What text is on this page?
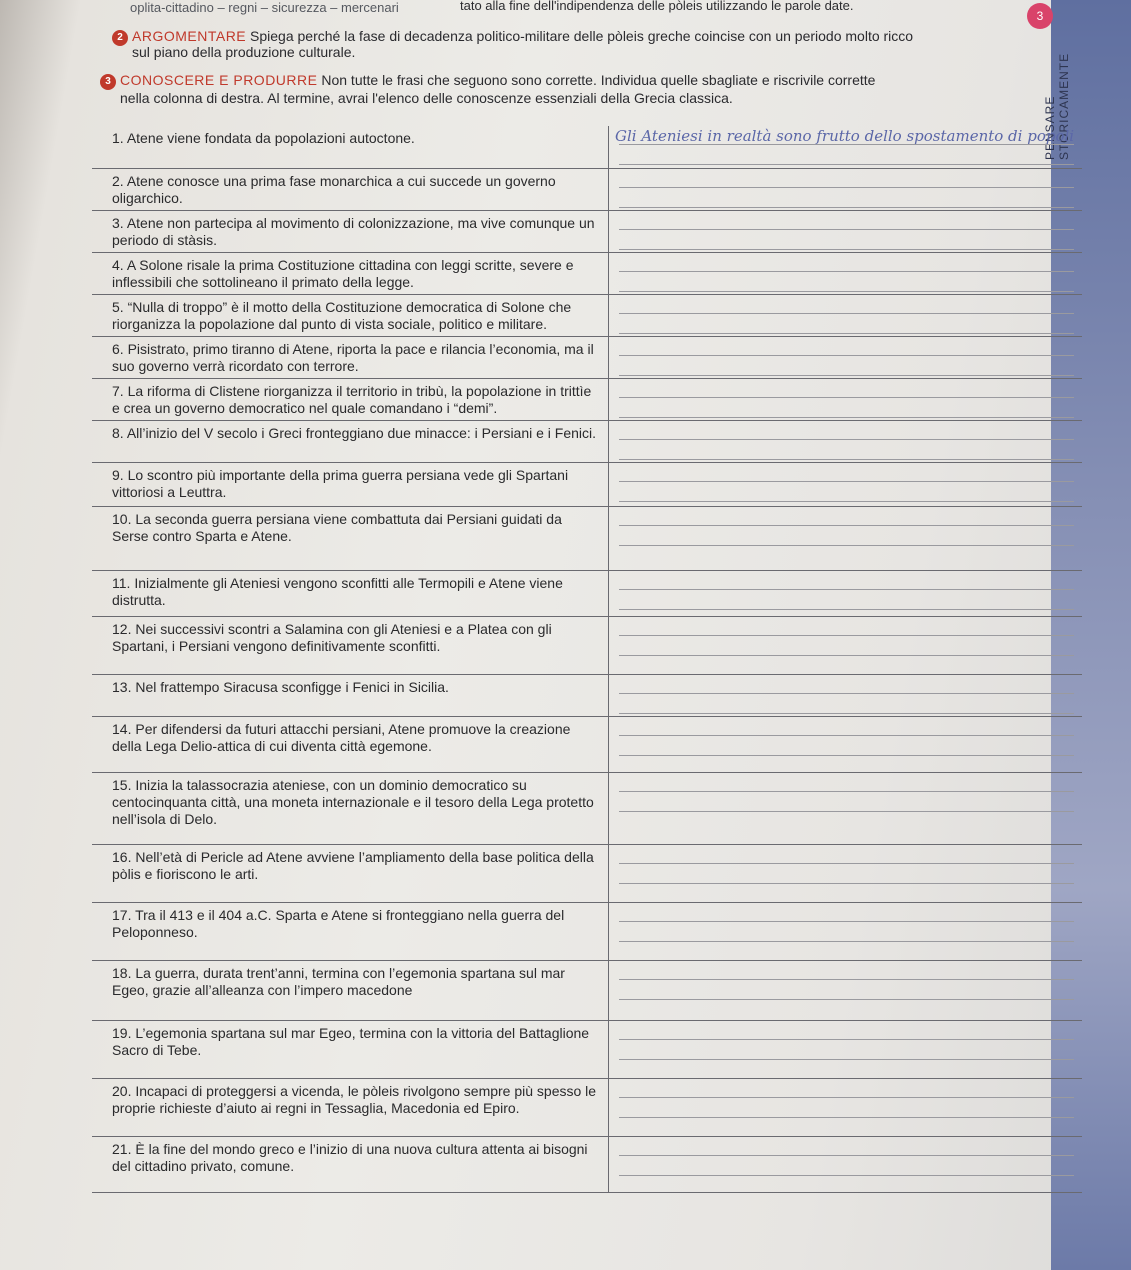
oplita-cittadino – regni – sicurezza – mercenari	tato alla fine dell'indipendenza delle pòleis utilizzando le parole date.
3
PENSARE STORICAMENTE
2 ARGOMENTARE Spiega perché la fase di decadenza politico-militare delle pòleis greche coincise con un periodo molto ricco
sul piano della produzione culturale.
3 CONOSCERE E PRODURRE Non tutte le frasi che seguono sono corrette. Individua quelle sbagliate e riscrivile corrette
nella colonna di destra. Al termine, avrai l'elenco delle conoscenze essenziali della Grecia classica.
1. Atene viene fondata da popolazioni autoctone.	Gli Ateniesi in realtà sono frutto dello spostamento di popoli

2. Atene conosce una prima fase monarchica a cui succede un governo oligarchico.	

3. Atene non partecipa al movimento di colonizzazione, ma vive comunque un periodo di stàsis.	

4. A Solone risale la prima Costituzione cittadina con leggi scritte, severe e inflessibili che sottolineano il primato della legge.	

5. “Nulla di troppo” è il motto della Costituzione democratica di Solone che riorganizza la popolazione dal punto di vista sociale, politico e militare.	

6. Pisistrato, primo tiranno di Atene, riporta la pace e rilancia l’economia, ma il suo governo verrà ricordato con terrore.	

7. La riforma di Clistene riorganizza il territorio in tribù, la popolazione in trittìe e crea un governo democratico nel quale comandano i “demi”.	

8. All’inizio del V secolo i Greci fronteggiano due minacce: i Persiani e i Fenici.	

9. Lo scontro più importante della prima guerra persiana vede gli Spartani vittoriosi a Leuttra.	

10. La seconda guerra persiana viene combattuta dai Persiani guidati da Serse contro Sparta e Atene.	

11. Inizialmente gli Ateniesi vengono sconfitti alle Termopili e Atene viene distrutta.	

12. Nei successivi scontri a Salamina con gli Ateniesi e a Platea con gli Spartani, i Persiani vengono definitivamente sconfitti.	

13. Nel frattempo Siracusa sconfigge i Fenici in Sicilia.	

14. Per difendersi da futuri attacchi persiani, Atene promuove la creazione della Lega Delio-attica di cui diventa città egemone.	

15. Inizia la talassocrazia ateniese, con un dominio democratico su centocinquanta città, una moneta internazionale e il tesoro della Lega protetto nell’isola di Delo.	

16. Nell’età di Pericle ad Atene avviene l’ampliamento della base politica della pòlis e fioriscono le arti.	

17. Tra il 413 e il 404 a.C. Sparta e Atene si fronteggiano nella guerra del Peloponneso.	

18. La guerra, durata trent’anni, termina con l’egemonia spartana sul mar Egeo, grazie all’alleanza con l’impero macedone	

19. L’egemonia spartana sul mar Egeo, termina con la vittoria del Battaglione Sacro di Tebe.	

20. Incapaci di proteggersi a vicenda, le pòleis rivolgono sempre più spesso le proprie richieste d’aiuto ai regni in Tessaglia, Macedonia ed Epiro.	

21. È la fine del mondo greco e l’inizio di una nuova cultura attenta ai bisogni del cittadino privato, comune.	
